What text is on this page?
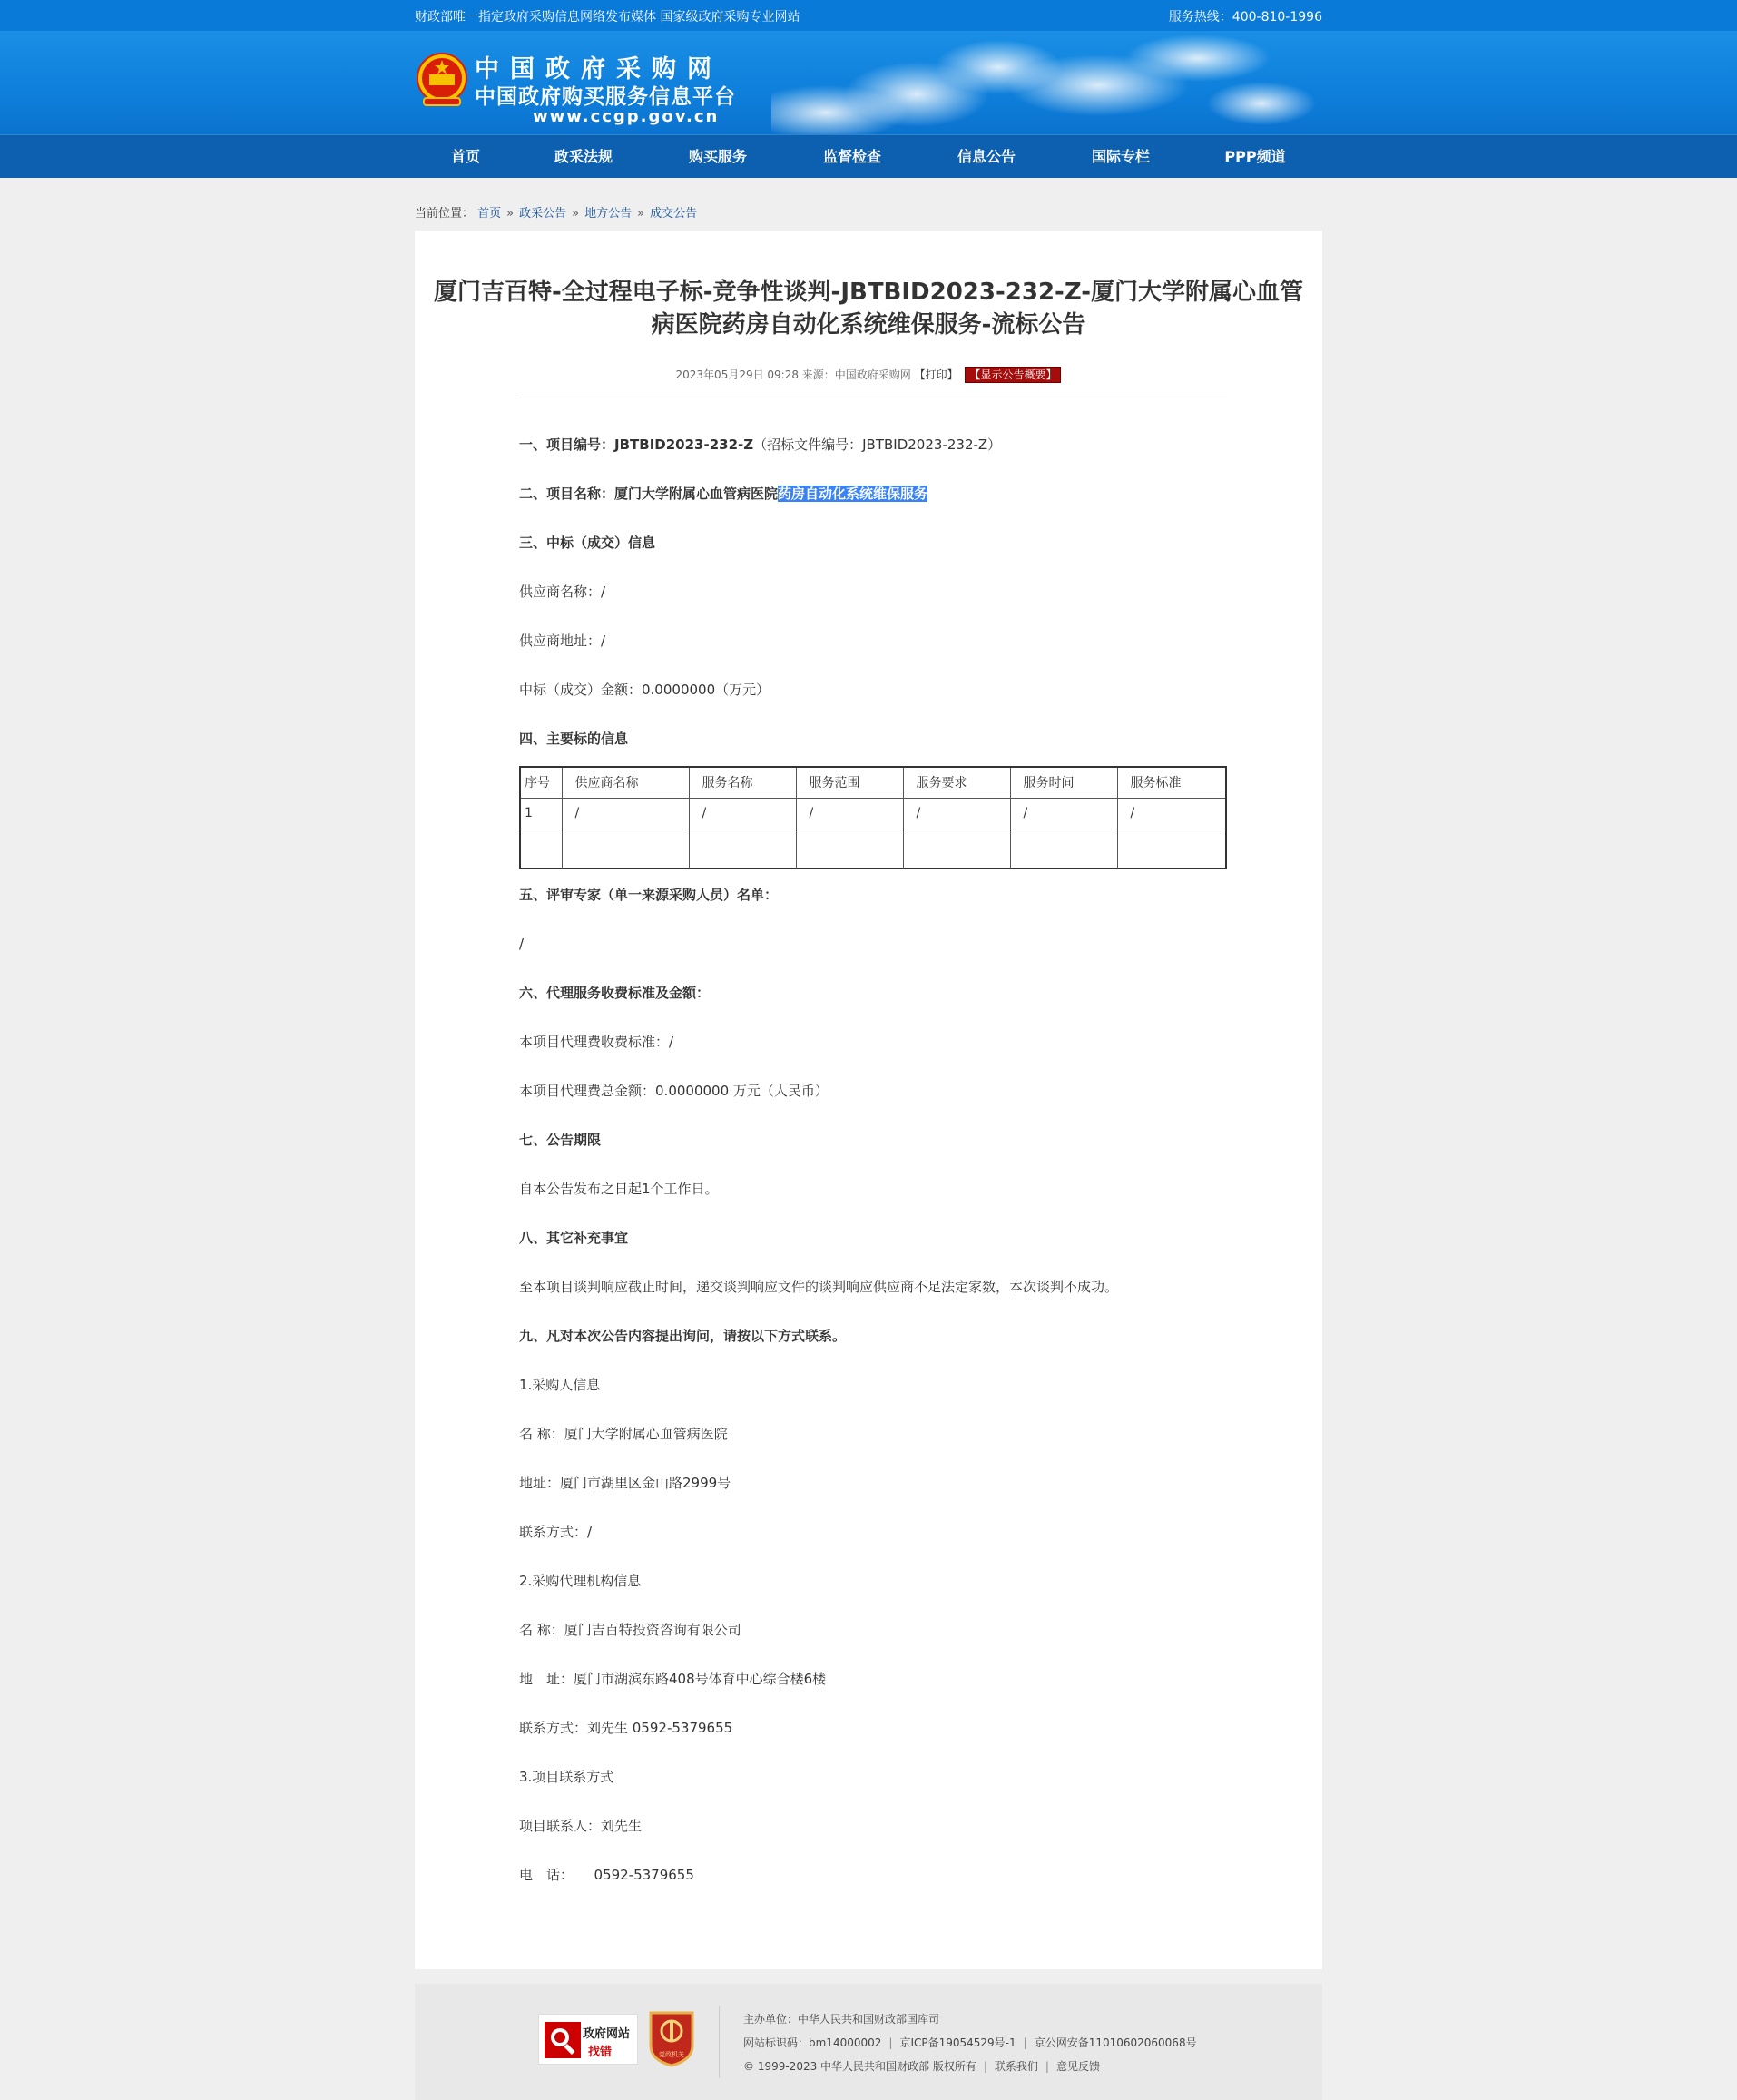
财政部唯一指定政府采购信息网络发布媒体 国家级政府采购专业网站	服务热线：400-810-1996
中国政府采购网
中国政府购买服务信息平台
www.ccgp.gov.cn
首页	政采法规	购买服务	监督检查	信息公告	国际专栏	PPP频道
当前位置： 首页 » 政采公告 » 地方公告 » 成交公告
厦门吉百特-全过程电子标-竞争性谈判-JBTBID2023-232-Z-厦门大学附属心血管
病医院药房自动化系统维保服务-流标公告
2023年05月29日 09:28 来源：中国政府采购网 【打印】 【显示公告概要】
一、项目编号：JBTBID2023-232-Z（招标文件编号：JBTBID2023-232-Z）
二、项目名称：厦门大学附属心血管病医院药房自动化系统维保服务
三、中标（成交）信息
供应商名称：/
供应商地址：/
中标（成交）金额：0.0000000（万元）
四、主要标的信息
序号	供应商名称	服务名称	服务范围	服务要求	服务时间	服务标准
1	/	/	/	/	/	/

五、评审专家（单一来源采购人员）名单：
/
六、代理服务收费标准及金额：
本项目代理费收费标准：/
本项目代理费总金额：0.0000000 万元（人民币）
七、公告期限
自本公告发布之日起1个工作日。
八、其它补充事宜
至本项目谈判响应截止时间，递交谈判响应文件的谈判响应供应商不足法定家数，本次谈判不成功。
九、凡对本次公告内容提出询问，请按以下方式联系。
1.采购人信息
名 称：厦门大学附属心血管病医院
地址：厦门市湖里区金山路2999号
联系方式：/
2.采购代理机构信息
名 称：厦门吉百特投资咨询有限公司
地　址：厦门市湖滨东路408号体育中心综合楼6楼
联系方式：刘先生 0592-5379655
3.项目联系方式
项目联系人：刘先生
电　话：　　0592-5379655
政府网站
找错	党政机关
主办单位：中华人民共和国财政部国库司
网站标识码：bm14000002 | 京ICP备19054529号-1 | 京公网安备11010602060068号
© 1999-2023 中华人民共和国财政部 版权所有 | 联系我们 | 意见反馈
